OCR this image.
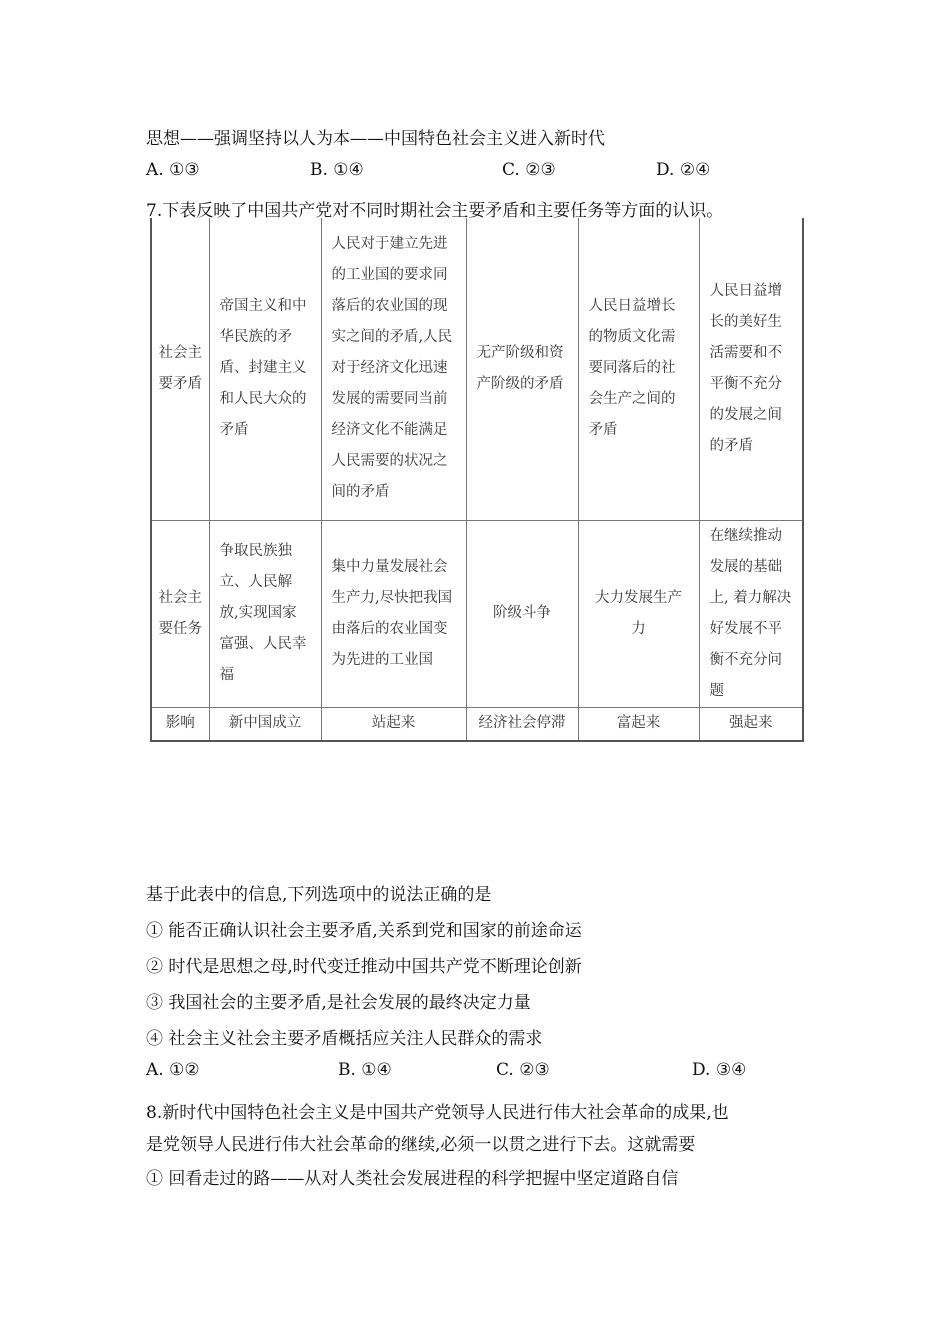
思想——强调坚持以人为本——中国特色社会主义进入新时代
A. ①③	B. ①④	C. ②③	D. ②④
7.下表反映了中国共产党对不同时期社会主要矛盾和主要任务等方面的认识。
社会主要矛盾	帝国主义和中华民族的矛盾、封建主义和人民大众的矛盾	人民对于建立先进的工业国的要求同落后的农业国的现实之间的矛盾,人民对于经济文化迅速发展的需要同当前经济文化不能满足人民需要的状况之间的矛盾	无产阶级和资产阶级的矛盾	人民日益增长的物质文化需要同落后的社会生产之间的矛盾	人民日益增长的美好生活需要和不平衡不充分的发展之间的矛盾
社会主要任务	争取民族独立、人民解放,实现国家富强、人民幸福	集中力量发展社会生产力,尽快把我国由落后的农业国变为先进的工业国	阶级斗争	大力发展生产力	在继续推动发展的基础上, 着力解决好发展不平衡不充分问题
影响	新中国成立	站起来	经济社会停滞	富起来	强起来
基于此表中的信息,下列选项中的说法正确的是
① 能否正确认识社会主要矛盾,关系到党和国家的前途命运
② 时代是思想之母,时代变迁推动中国共产党不断理论创新
③ 我国社会的主要矛盾,是社会发展的最终决定力量
④ 社会主义社会主要矛盾概括应关注人民群众的需求
A. ①②	B. ①④	C. ②③	D. ③④
8.新时代中国特色社会主义是中国共产党领导人民进行伟大社会革命的成果,也
是党领导人民进行伟大社会革命的继续,必须一以贯之进行下去。这就需要
① 回看走过的路——从对人类社会发展进程的科学把握中坚定道路自信
